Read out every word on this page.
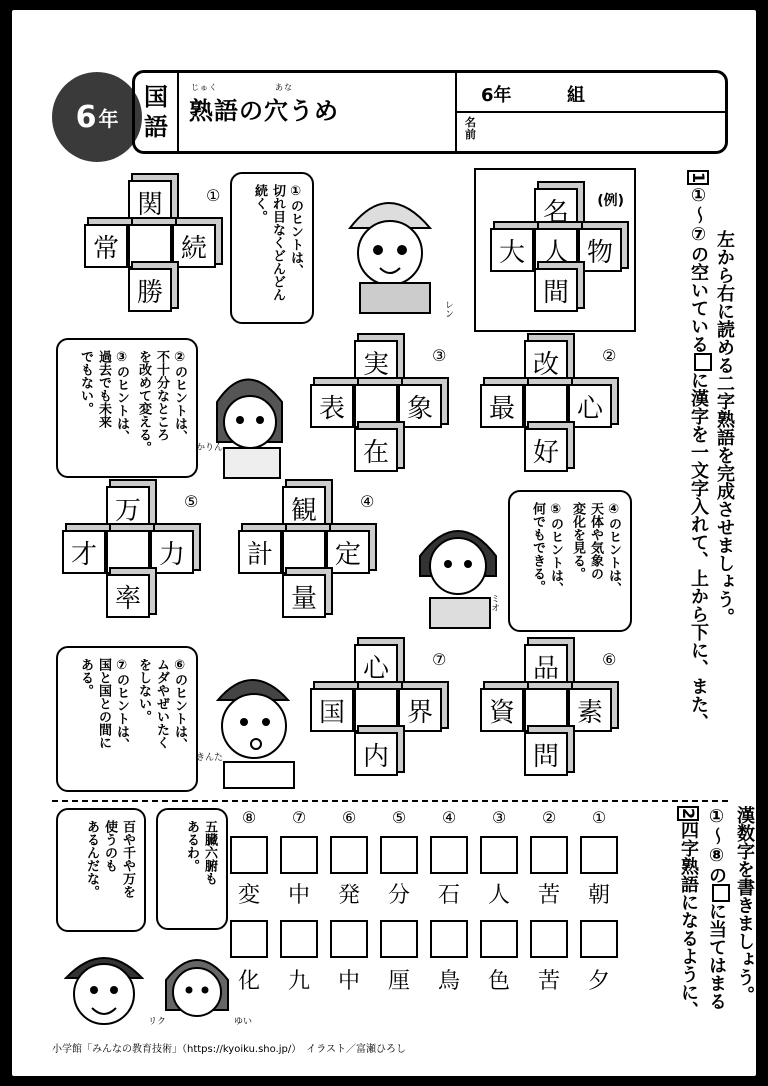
6 年
国
語
じゅく	あな
熟語の穴うめ
6年	組
名
前
1①～⑦の空いているに漢字を一文字入れて、上から下に、また、 左から右に読める二字熟語を完成させましょう。
(例)
名
大 人 物
間
関
常	続
勝
①
改
最	心
好
②
実
表	象
在
③
観
計	定
量
④
万
才	力
率
⑤
品
資	素
問
⑥
心
国	界
内
⑦
①のヒントは、
切れ目なくどんどん
続く。
②のヒントは、
不十分なところ
を改めて変える。
③のヒントは、
過去でも未来
でもない。
④のヒントは、
天体や気象の
変化を見る。
⑤のヒントは、
何でもできる。
⑥のヒントは、
ムダやぜいたく
をしない。
⑦のヒントは、
国と国との間に
ある。
レン
かりん
ミオ
きんた
2四字熟語になるように、
①～⑧のに当てはまる 漢数字を書きましょう。
①
朝
夕
②
苦
苦
③
人
色
④
石
鳥
⑤
分
厘
⑥
発
中
⑦
中
九
⑧
変
化
五臓六腑も
あるわ。
百や千や万を
使うのも
あるんだな。
リク	ゆい
小学館「みんなの教育技術」（https://kyoiku.sho.jp/）　イラスト／富瀬ひろし
